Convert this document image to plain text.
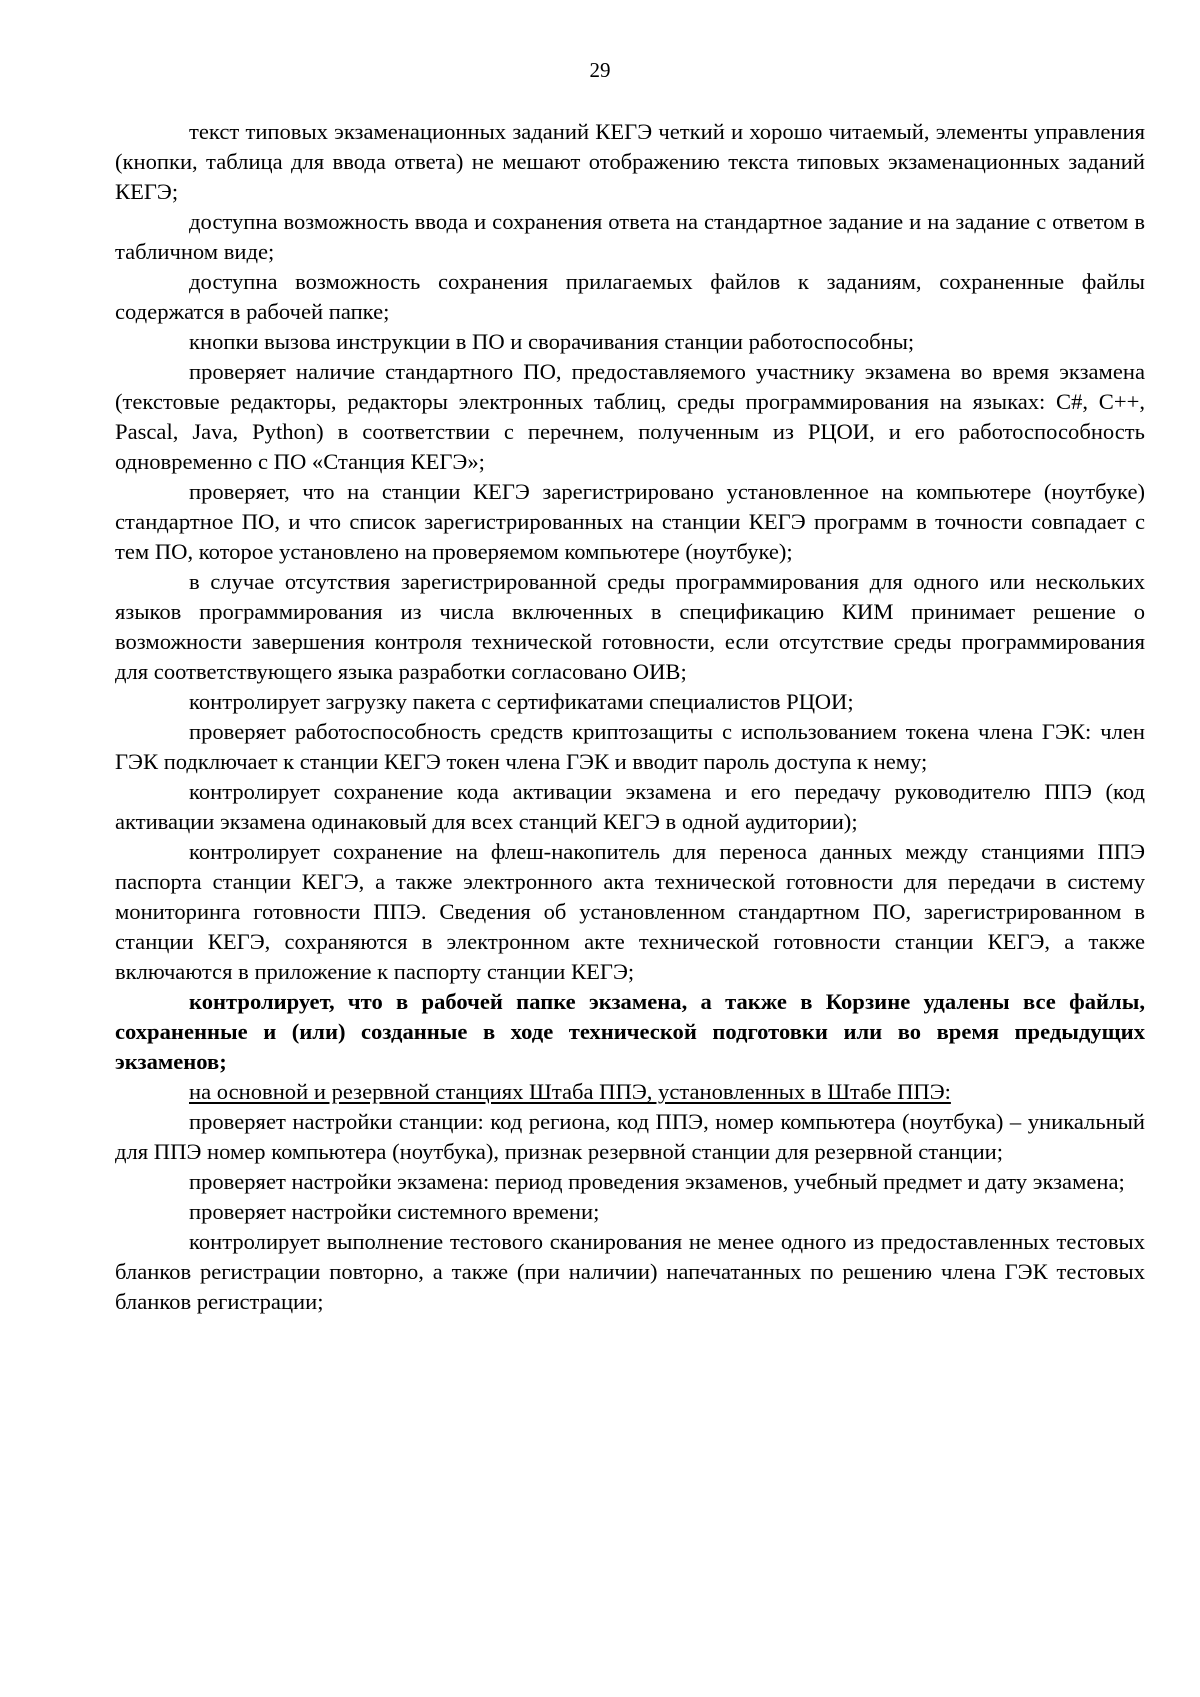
29

текст типовых экзаменационных заданий КЕГЭ четкий и хорошо читаемый, элементы управления (кнопки, таблица для ввода ответа) не мешают отображению текста типовых экзаменационных заданий КЕГЭ;

доступна возможность ввода и сохранения ответа на стандартное задание и на задание с ответом в табличном виде;

доступна возможность сохранения прилагаемых файлов к заданиям, сохраненные файлы содержатся в рабочей папке;

кнопки вызова инструкции в ПО и сворачивания станции работоспособны;

проверяет наличие стандартного ПО, предоставляемого участнику экзамена во время экзамена (текстовые редакторы, редакторы электронных таблиц, среды программирования на языках: C#, C++, Pascal, Java, Python) в соответствии с перечнем, полученным из РЦОИ, и его работоспособность одновременно с ПО «Станция КЕГЭ»;

проверяет, что на станции КЕГЭ зарегистрировано установленное на компьютере (ноутбуке) стандартное ПО, и что список зарегистрированных на станции КЕГЭ программ в точности совпадает с тем ПО, которое установлено на проверяемом компьютере (ноутбуке);

в случае отсутствия зарегистрированной среды программирования для одного или нескольких языков программирования из числа включенных в спецификацию КИМ принимает решение о возможности завершения контроля технической готовности, если отсутствие среды программирования для соответствующего языка разработки согласовано ОИВ;

контролирует загрузку пакета с сертификатами специалистов РЦОИ;

проверяет работоспособность средств криптозащиты с использованием токена члена ГЭК: член ГЭК подключает к станции КЕГЭ токен члена ГЭК и вводит пароль доступа к нему;

контролирует сохранение кода активации экзамена и его передачу руководителю ППЭ (код активации экзамена одинаковый для всех станций КЕГЭ в одной аудитории);

контролирует сохранение на флеш-накопитель для переноса данных между станциями ППЭ паспорта станции КЕГЭ, а также электронного акта технической готовности для передачи в систему мониторинга готовности ППЭ. Сведения об установленном стандартном ПО, зарегистрированном в станции КЕГЭ, сохраняются в электронном акте технической готовности станции КЕГЭ, а также включаются в приложение к паспорту станции КЕГЭ;

контролирует, что в рабочей папке экзамена, а также в Корзине удалены все файлы, сохраненные и (или) созданные в ходе технической подготовки или во время предыдущих экзаменов;

на основной и резервной станциях Штаба ППЭ, установленных в Штабе ППЭ:

проверяет настройки станции: код региона, код ППЭ, номер компьютера (ноутбука) – уникальный для ППЭ номер компьютера (ноутбука), признак резервной станции для резервной станции;

проверяет настройки экзамена: период проведения экзаменов, учебный предмет и дату экзамена;

проверяет настройки системного времени;

контролирует выполнение тестового сканирования не менее одного из предоставленных тестовых бланков регистрации повторно, а также (при наличии) напечатанных по решению члена ГЭК тестовых бланков регистрации;
